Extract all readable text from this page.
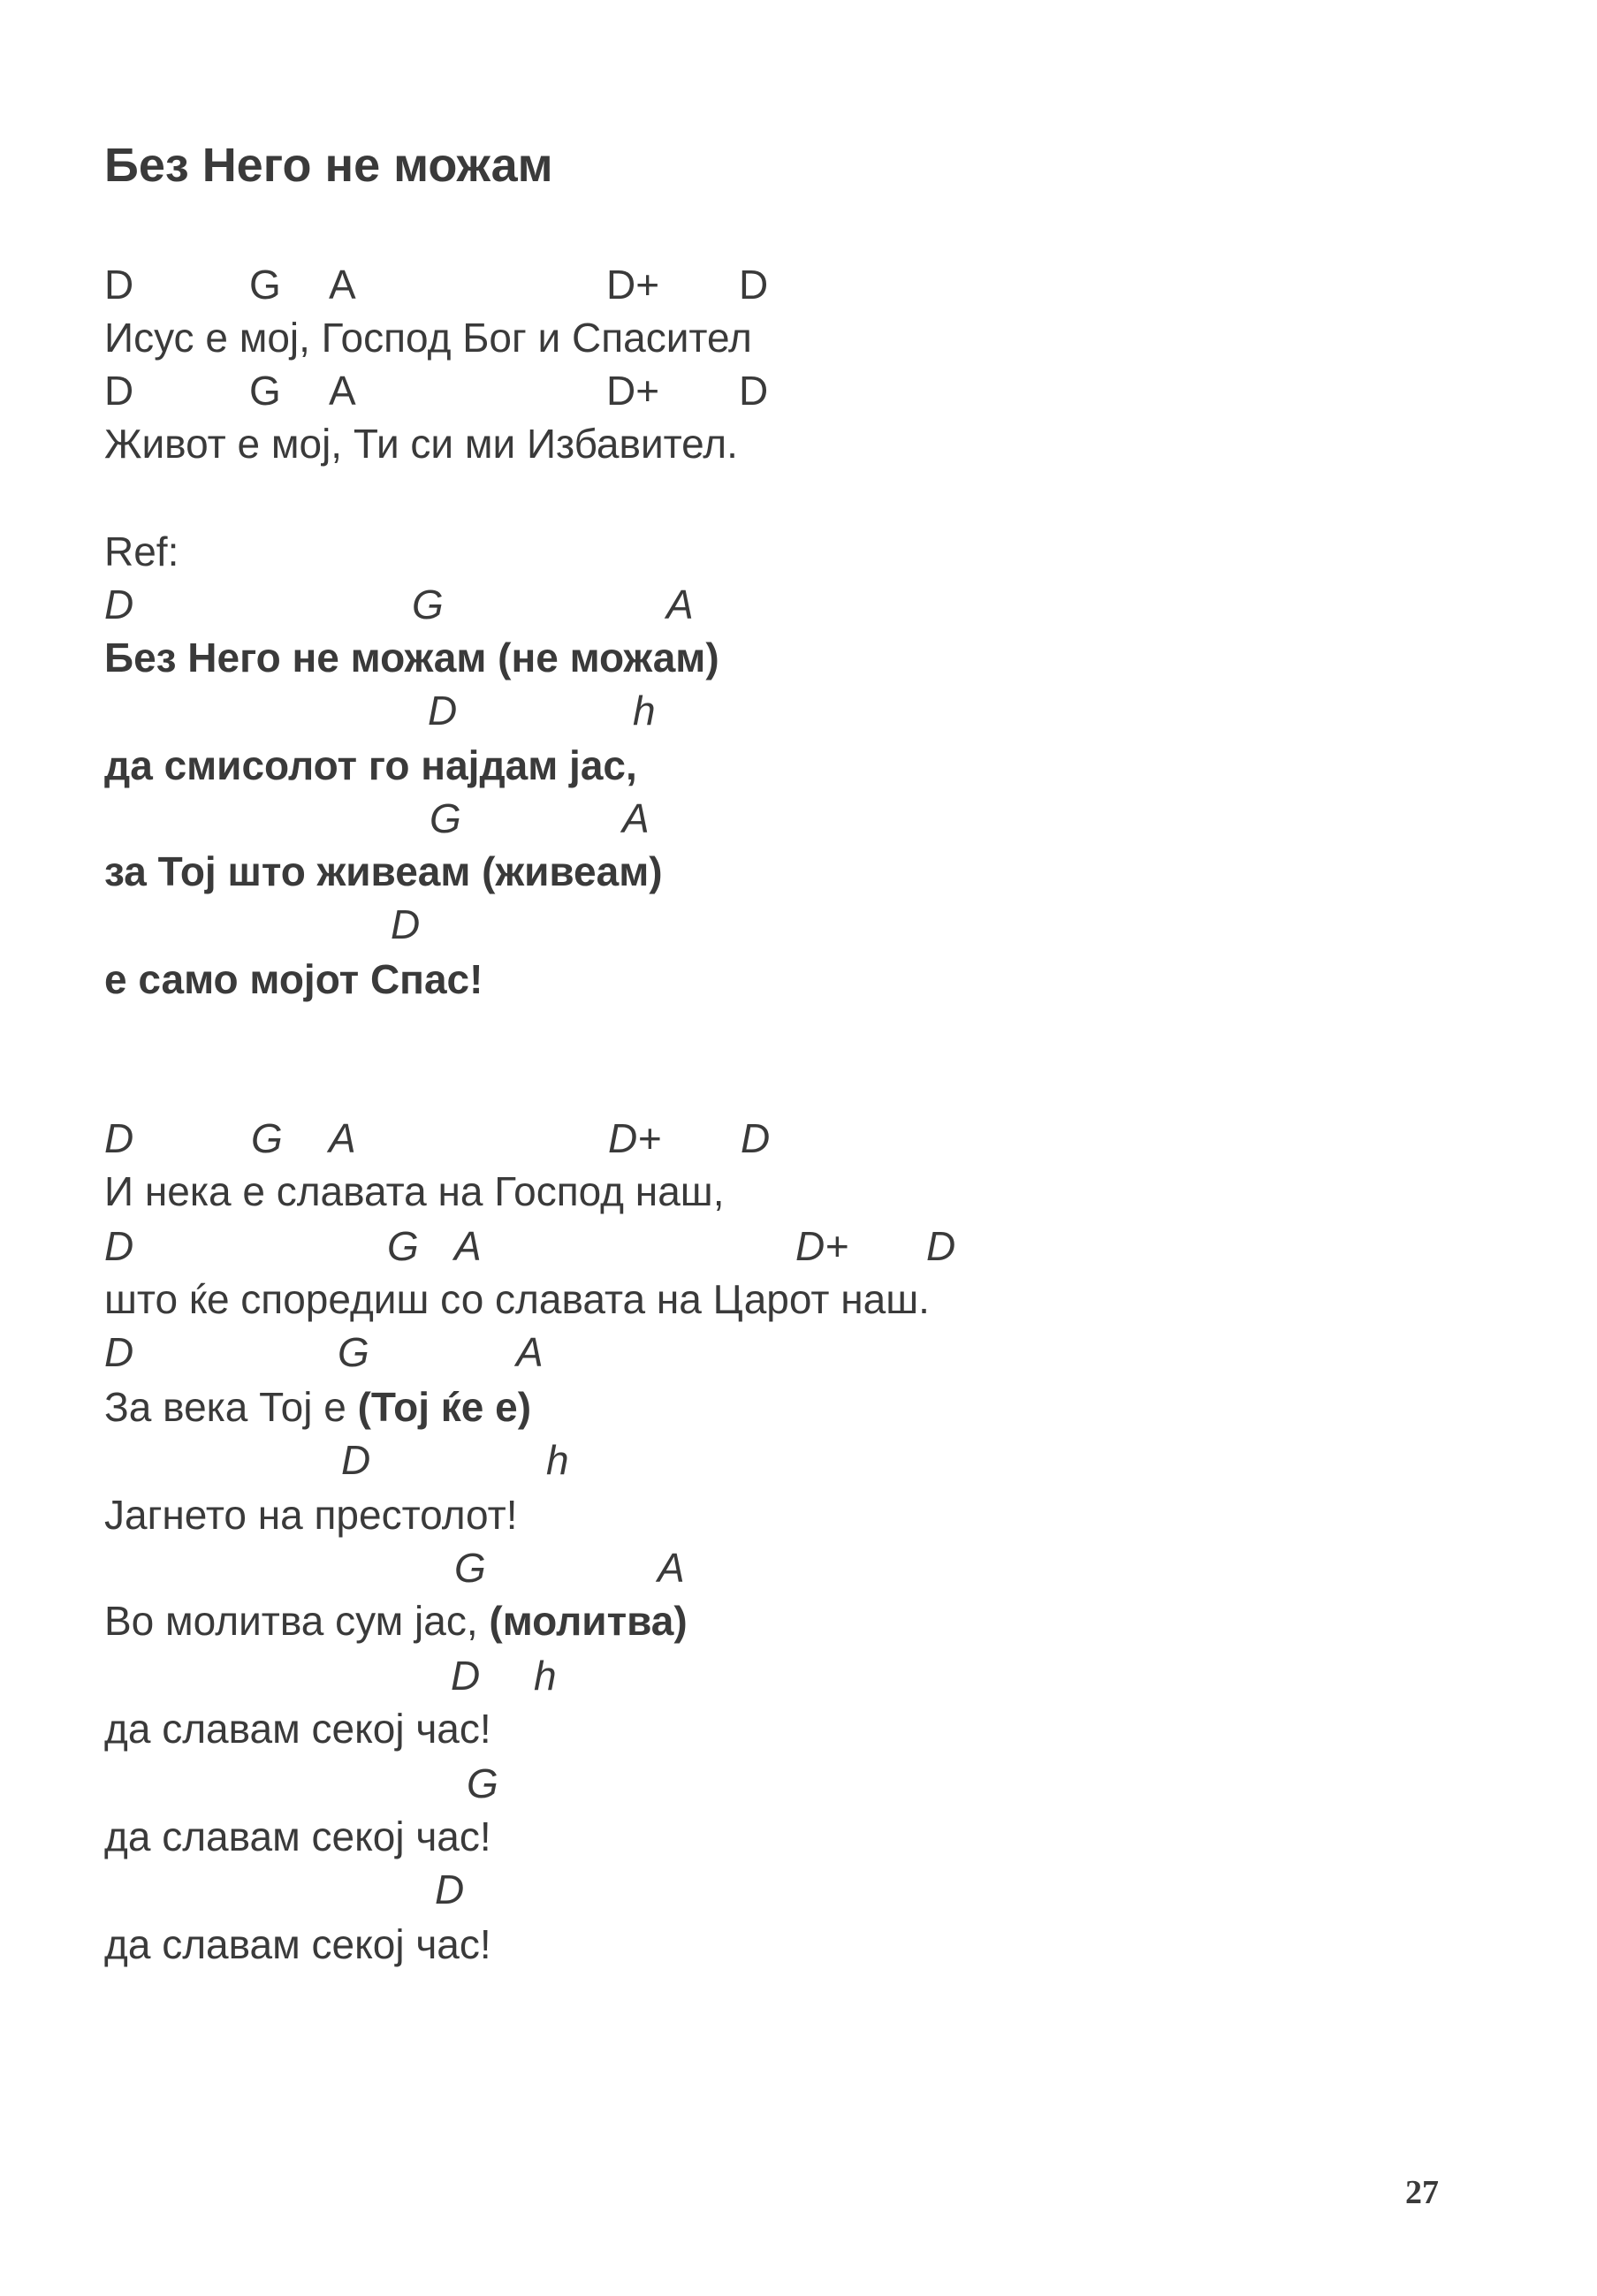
Без Него не можам
D	G A	D+ D
Исус е мој, Господ Бог и Спасител
D	G A	D+ D
Живот е мој, Ти си ми Избавител.
Ref:
D	G	A
Без Него не можам (не можам)
D	h
да смисолот го најдам јас,
G	A
за Тој што живеам (живеам)
D
е само мојот Спас!
D	G A	D+ D
И нека е славата на Господ наш,
D	G A	D+ D
што ќе споредиш со славата на Царот наш.
D	G	A
За века Тој е (Тој ќе е)
D	h
Јагнето на престолот!
G	A
Во молитва сум јас, (молитва)
D h
да славам секој час!
G
да славам секој час!
D
да славам секој час!
27
